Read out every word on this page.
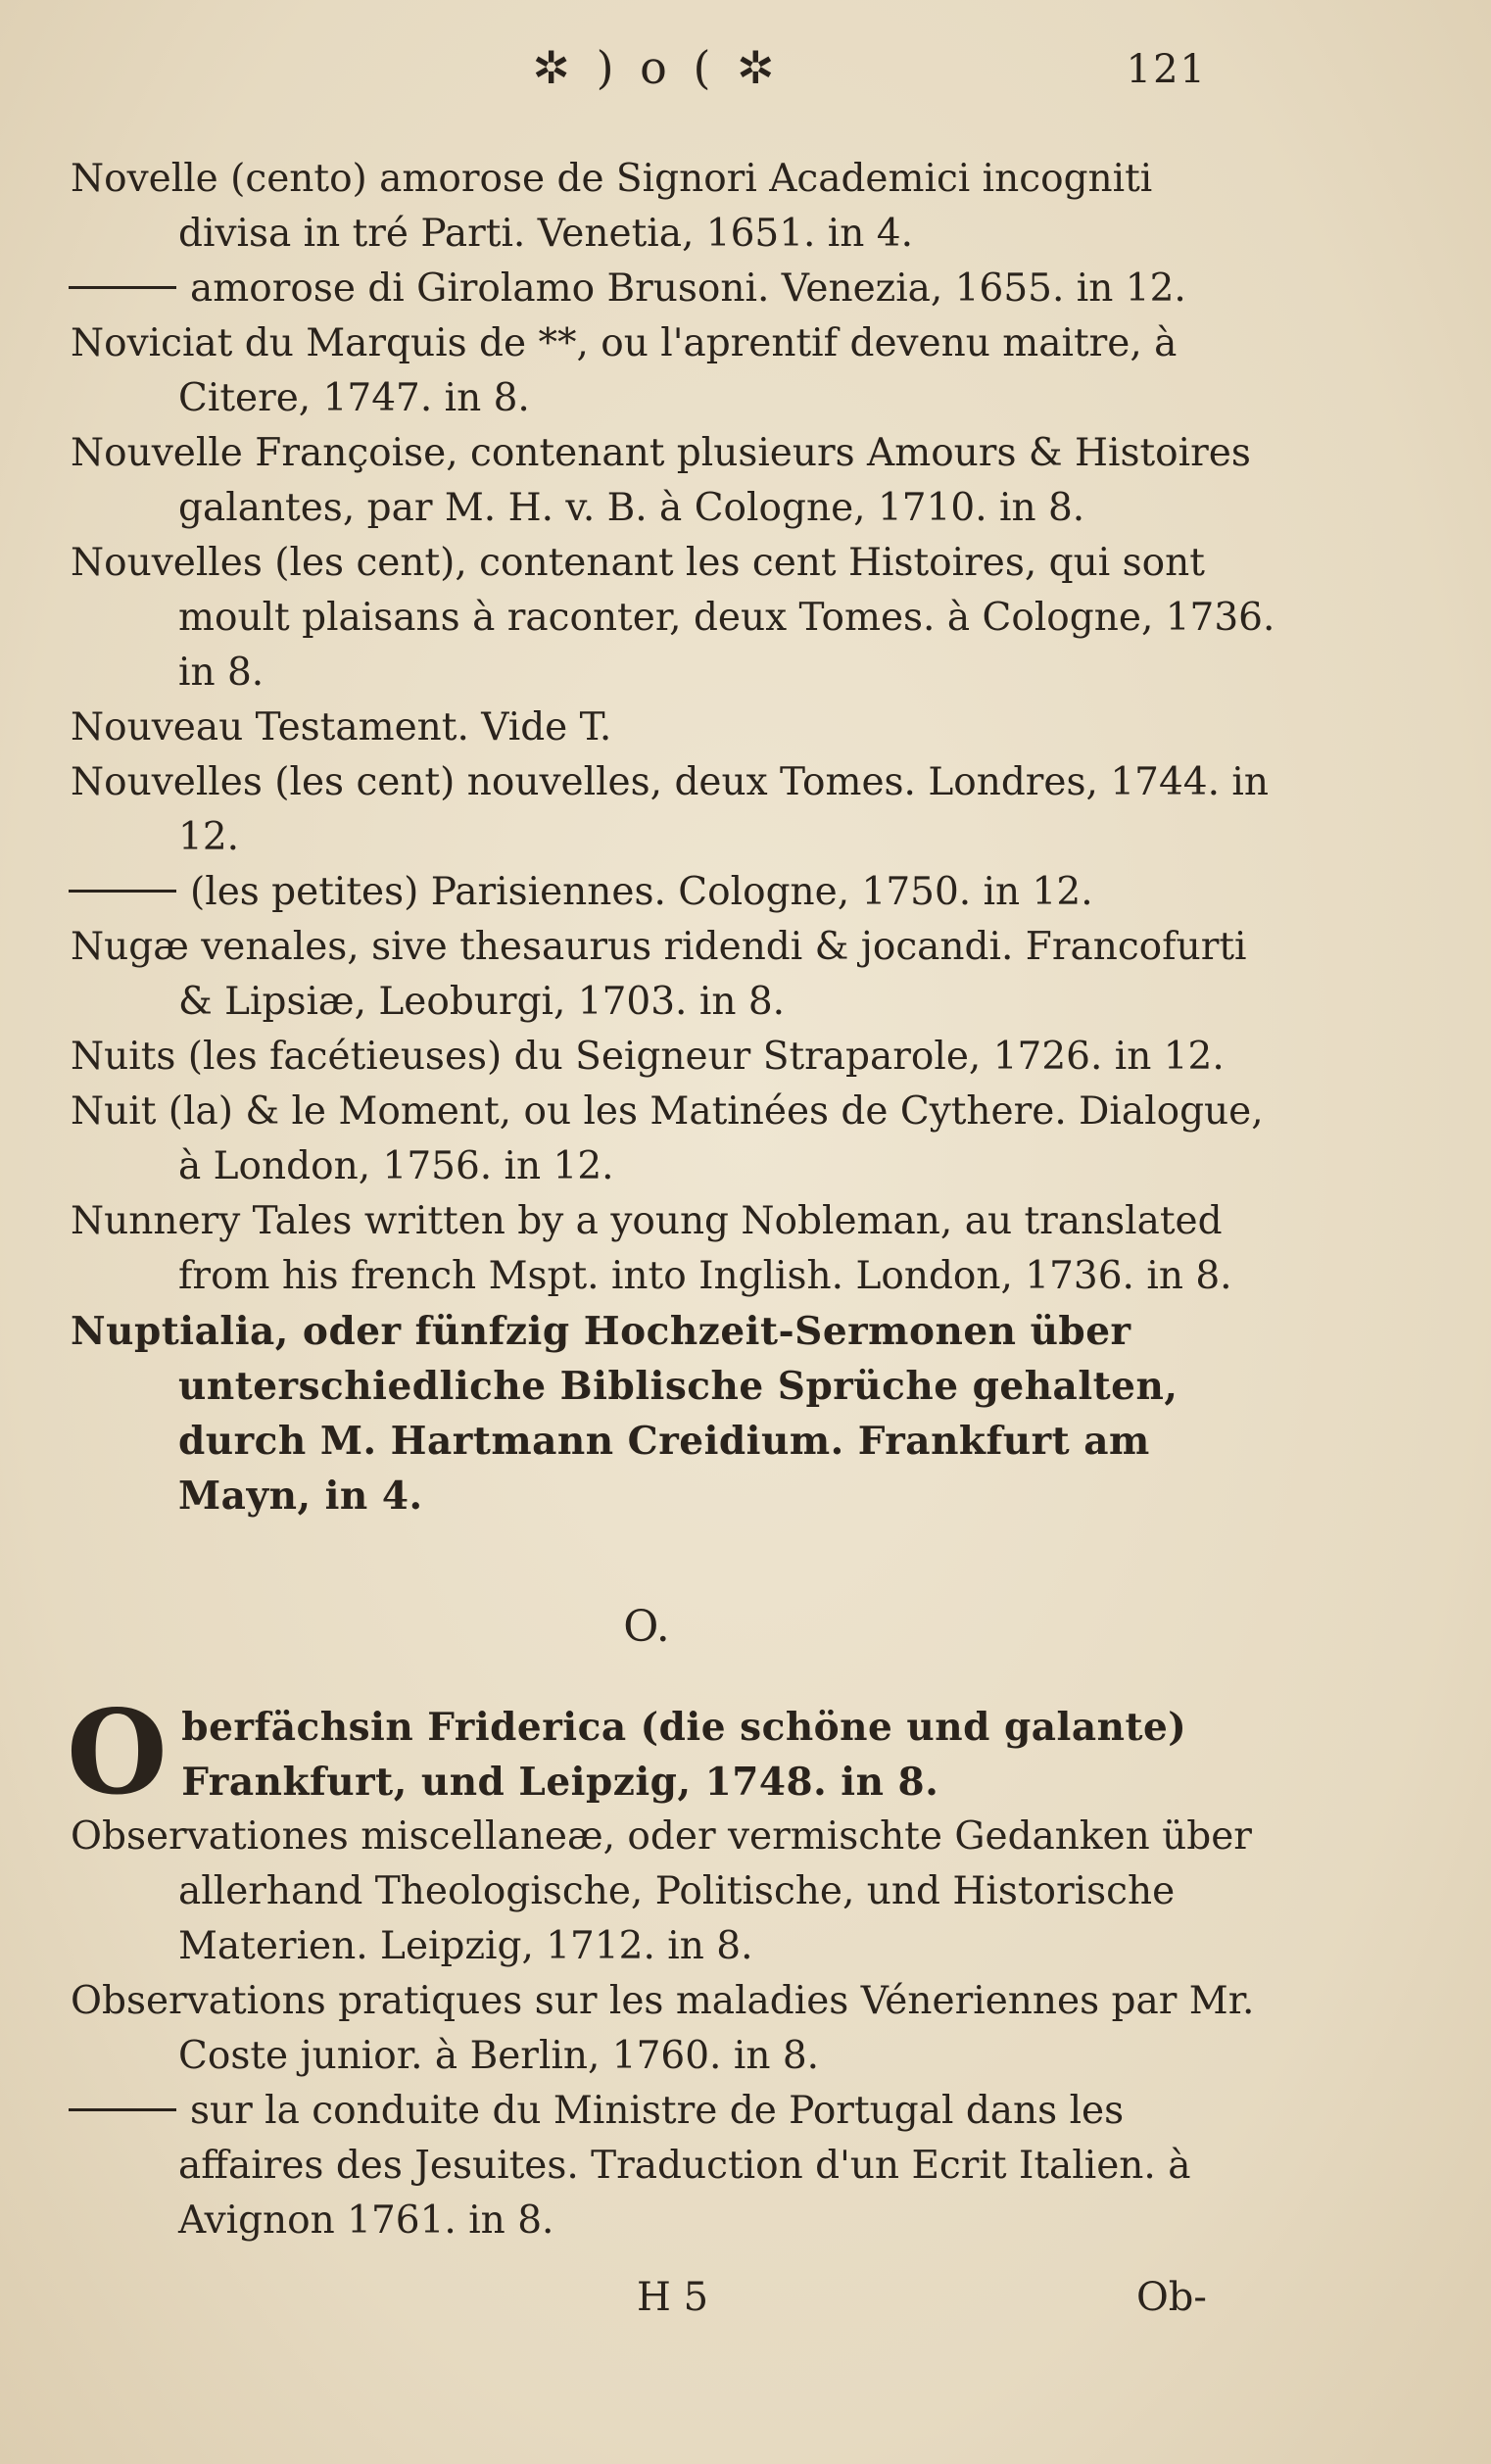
✲ ) o ( ✲	121

Novelle (cento) amorose de Signori Academici incogniti divisa in tré Parti. Venetia, 1651. in 4.

amorose di Girolamo Brusoni. Venezia, 1655. in 12.

Noviciat du Marquis de **, ou l'aprentif devenu maitre, à Citere, 1747. in 8.

Nouvelle Françoise, contenant plusieurs Amours & Histoires galantes, par M. H. v. B. à Cologne, 1710. in 8.

Nouvelles (les cent), contenant les cent Histoires, qui sont moult plaisans à raconter, deux Tomes. à Cologne, 1736. in 8.

Nouveau Testament. Vide T.

Nouvelles (les cent) nouvelles, deux Tomes. Londres, 1744. in 12.

(les petites) Parisiennes. Cologne, 1750. in 12.

Nugæ venales, sive thesaurus ridendi & jocandi. Francofurti & Lipsiæ, Leoburgi, 1703. in 8.

Nuits (les facétieuses) du Seigneur Straparole, 1726. in 12.

Nuit (la) & le Moment, ou les Matinées de Cythere. Dialogue, à London, 1756. in 12.

Nunnery Tales written by a young Nobleman, au translated from his french Mspt. into Inglish. London, 1736. in 8.

Nuptialia, oder fünfzig Hochzeit-Sermonen über unterschiedliche Biblische Sprüche gehalten, durch M. Hartmann Creidium. Frankfurt am Mayn, in 4.

O.

Oberfächsin Friderica (die schöne und galante) Frankfurt, und Leipzig, 1748. in 8.

Observationes miscellaneæ, oder vermischte Gedanken über allerhand Theologische, Politische, und Historische Materien. Leipzig, 1712. in 8.

Observations pratiques sur les maladies Véneriennes par Mr. Coste junior. à Berlin, 1760. in 8.

sur la conduite du Ministre de Portugal dans les affaires des Jesuites. Traduction d'un Ecrit Italien. à Avignon 1761. in 8.

H 5	Ob-
